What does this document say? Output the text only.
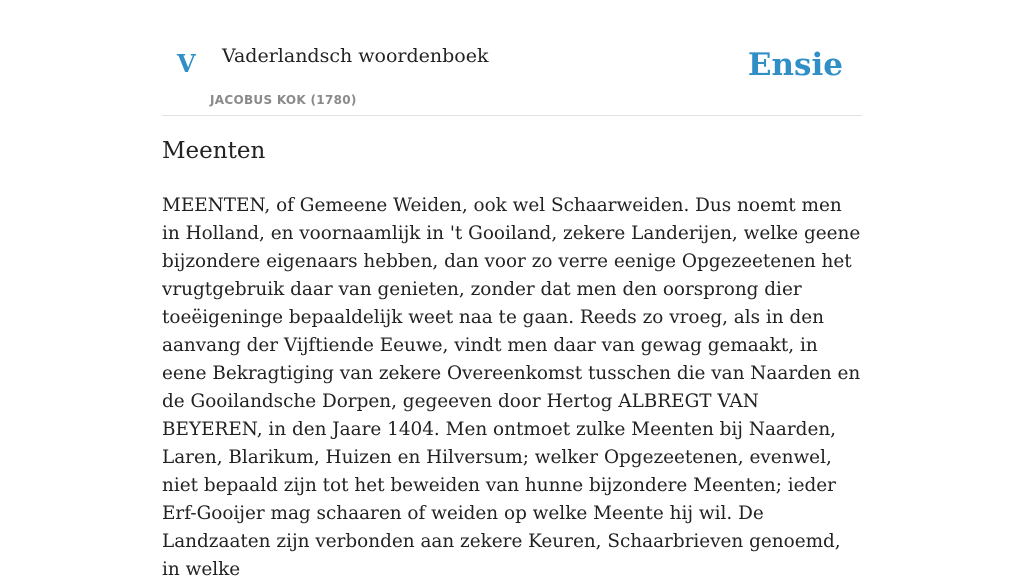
V Vaderlandsch woordenboek
JACOBUS KOK (1780)
Ensie
Meenten

MEENTEN, of Gemeene Weiden, ook wel Schaarweiden. Dus noemt men in Holland, en voornaamlijk in 't Gooiland, zekere Landerijen, welke geene bijzondere eigenaars hebben, dan voor zo verre eenige Opgezeetenen het vrugtgebruik daar van genieten, zonder dat men den oorsprong dier toeëigeninge bepaaldelijk weet naa te gaan. Reeds zo vroeg, als in den aanvang der Vijftiende Eeuwe, vindt men daar van gewag gemaakt, in eene Bekragtiging van zekere Overeenkomst tusschen die van Naarden en de Gooilandsche Dorpen, gegeeven door Hertog ALBREGT VAN BEYEREN, in den Jaare 1404. Men ontmoet zulke Meenten bij Naarden, Laren, Blarikum, Huizen en Hilversum; welker Opgezeetenen, evenwel, niet bepaald zijn tot het beweiden van hunne bijzondere Meenten; ieder Erf-Gooijer mag schaaren of weiden op welke Meente hij wil. De Landzaaten zijn verbonden aan zekere Keuren, Schaarbrieven genoemd, in welke
